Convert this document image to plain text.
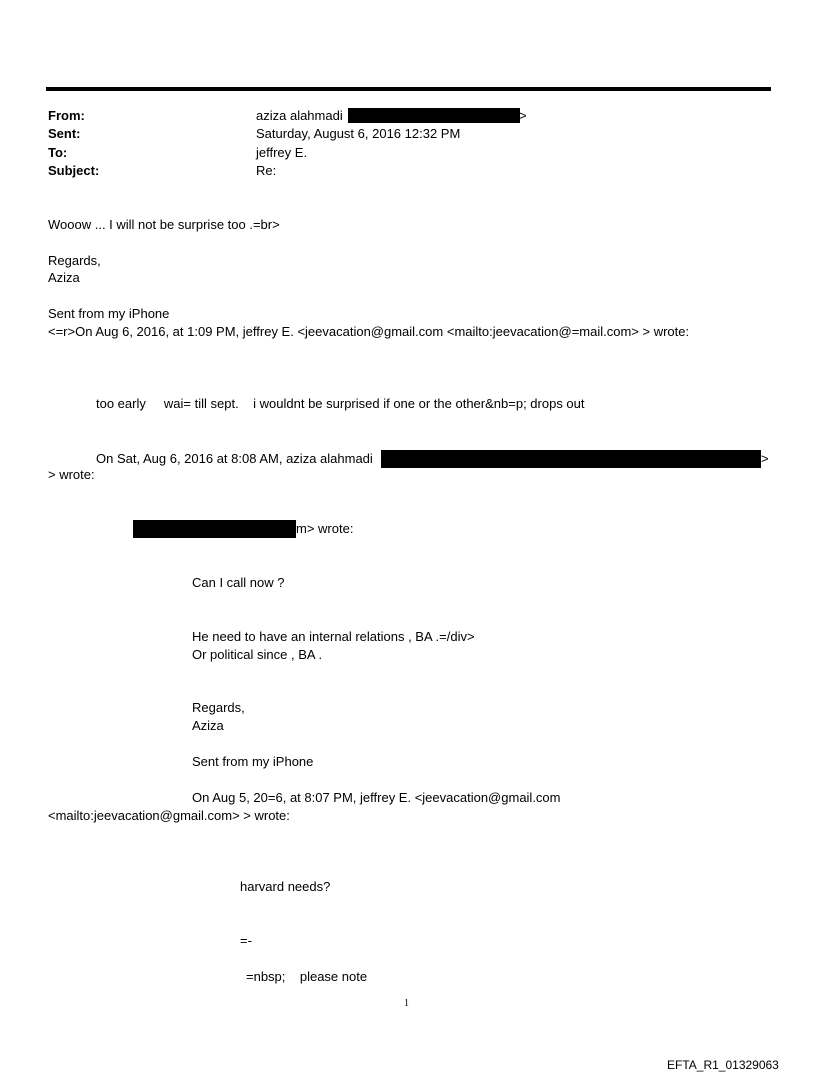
From:	aziza alahmadi	>
Sent:	Saturday, August 6, 2016 12:32 PM
To:	jeffrey E.
Subject:	Re:
Wooow ... I will not be surprise too .=br>
Regards,
Aziza
Sent from my iPhone
<=r>On Aug 6, 2016, at 1:09 PM, jeffrey E. <jeevacation@gmail.com <mailto:jeevacation@=mail.com> > wrote:
too early     wai= till sept.    i wouldnt be surprised if one or the other&nb=p; drops out
On Sat, Aug 6, 2016 at 8:08 AM, aziza alahmadi	>
> wrote:
m> wrote:
Can I call now ?
He need to have an internal relations , BA .=/div>
Or political since , BA .
Regards,
Aziza
Sent from my iPhone
On Aug 5, 20=6, at 8:07 PM, jeffrey E. <jeevacation@gmail.com
<mailto:jeevacation@gmail.com> > wrote:
harvard needs?
=-
=nbsp;    please note
1
EFTA_R1_01329063
